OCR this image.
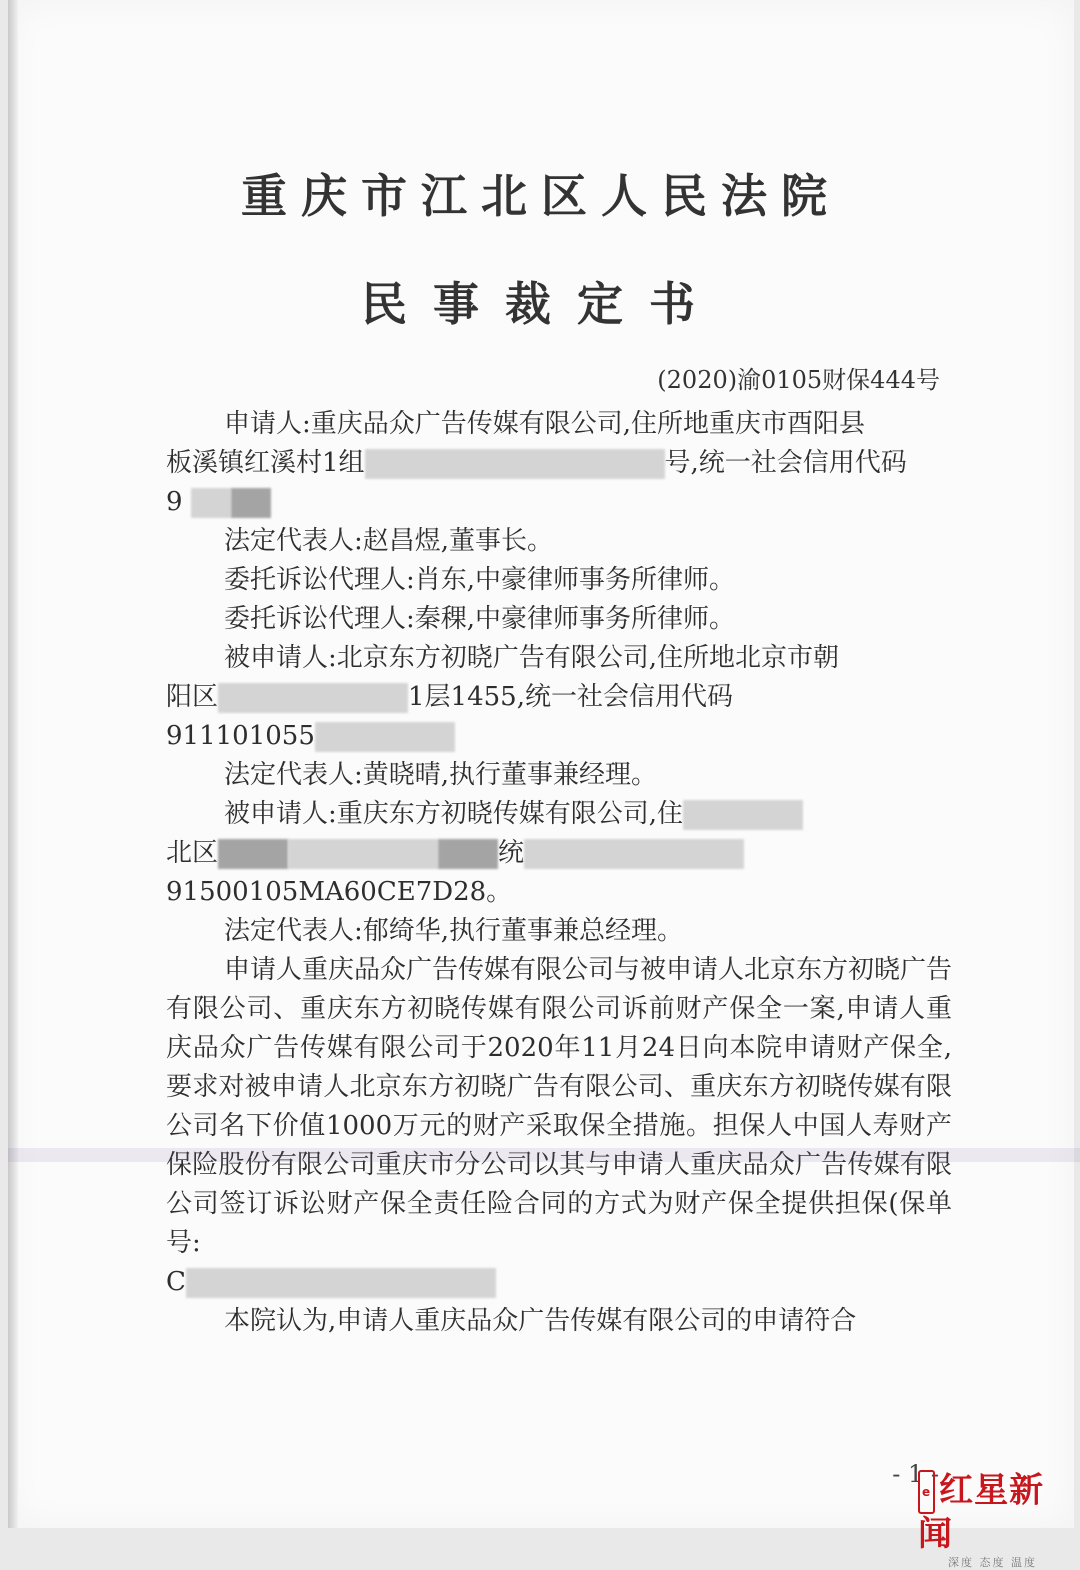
重庆市江北区人民法院
民事裁定书
(2020)渝0105财保444号

申请人:重庆品众广告传媒有限公司,住所地重庆市酉阳县

板溪镇红溪村1组	号,统一社会信用代码

9

法定代表人:赵昌煜,董事长。

委托诉讼代理人:肖东,中豪律师事务所律师。

委托诉讼代理人:秦稞,中豪律师事务所律师。

被申请人:北京东方初晓广告有限公司,住所地北京市朝

阳区	1层1455,统一社会信用代码

911101055

法定代表人:黄晓晴,执行董事兼经理。

被申请人:重庆东方初晓传媒有限公司,住

北区	统

91500105MA60CE7D28。

法定代表人:郁绮华,执行董事兼总经理。

申请人重庆品众广告传媒有限公司与被申请人北京东方初晓广告有限公司、重庆东方初晓传媒有限公司诉前财产保全一案,申请人重庆品众广告传媒有限公司于2020年11月24日向本院申请财产保全,要求对被申请人北京东方初晓广告有限公司、重庆东方初晓传媒有限公司名下价值1000万元的财产采取保全措施。担保人中国人寿财产保险股份有限公司重庆市分公司以其与申请人重庆品众广告传媒有限公司签订诉讼财产保全责任险合同的方式为财产保全提供担保(保单号:

C

本院认为,申请人重庆品众广告传媒有限公司的申请符合

- 1 -
e 红星新闻
深度 态度 温度
